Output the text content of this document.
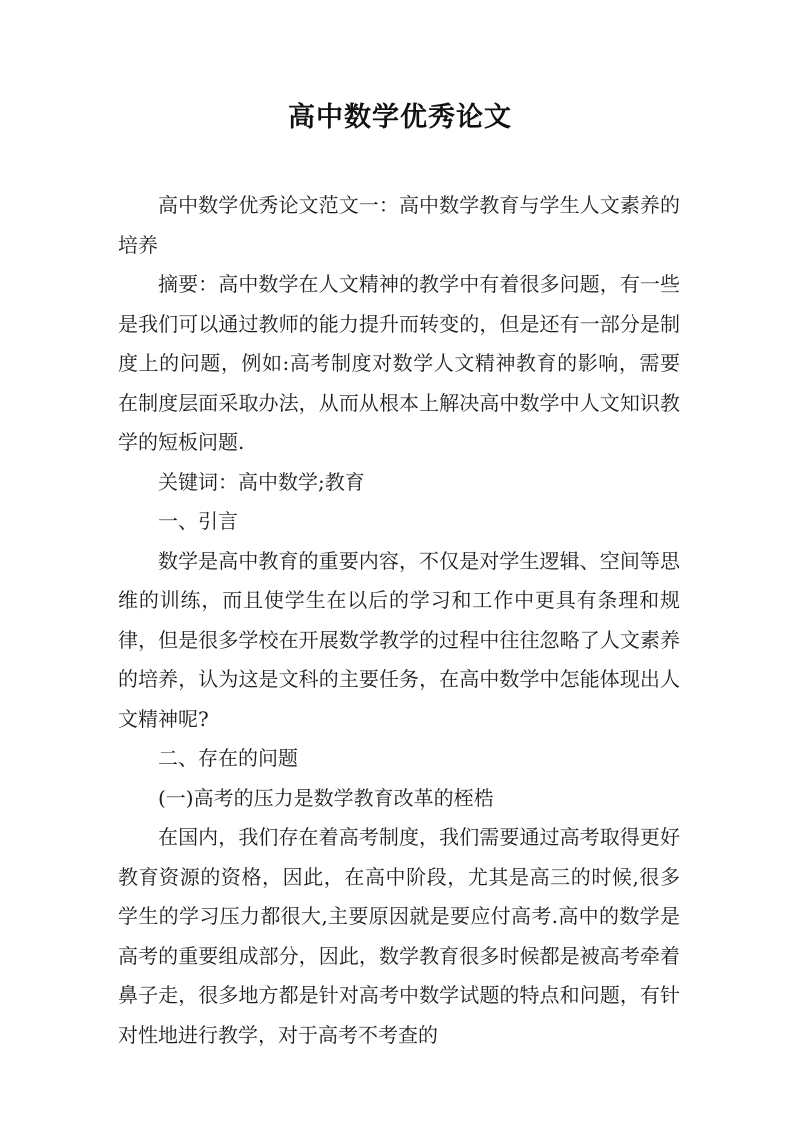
高中数学优秀论文

高中数学优秀论文范文一：高中数学教育与学生人文素养的培养

摘要：高中数学在人文精神的教学中有着很多问题，有一些是我们可以通过教师的能力提升而转变的，但是还有一部分是制度上的问题，例如:高考制度对数学人文精神教育的影响，需要在制度层面采取办法，从而从根本上解决高中数学中人文知识教学的短板问题.

关键词：高中数学;教育

一、引言

数学是高中教育的重要内容，不仅是对学生逻辑、空间等思维的训练，而且使学生在以后的学习和工作中更具有条理和规律，但是很多学校在开展数学教学的过程中往往忽略了人文素养的培养，认为这是文科的主要任务，在高中数学中怎能体现出人文精神呢?

二、存在的问题

(一)高考的压力是数学教育改革的桎梏

在国内，我们存在着高考制度，我们需要通过高考取得更好教育资源的资格，因此，在高中阶段，尤其是高三的时候,很多学生的学习压力都很大,主要原因就是要应付高考.高中的数学是高考的重要组成部分，因此，数学教育很多时候都是被高考牵着鼻子走，很多地方都是针对高考中数学试题的特点和问题，有针对性地进行教学，对于高考不考查的
